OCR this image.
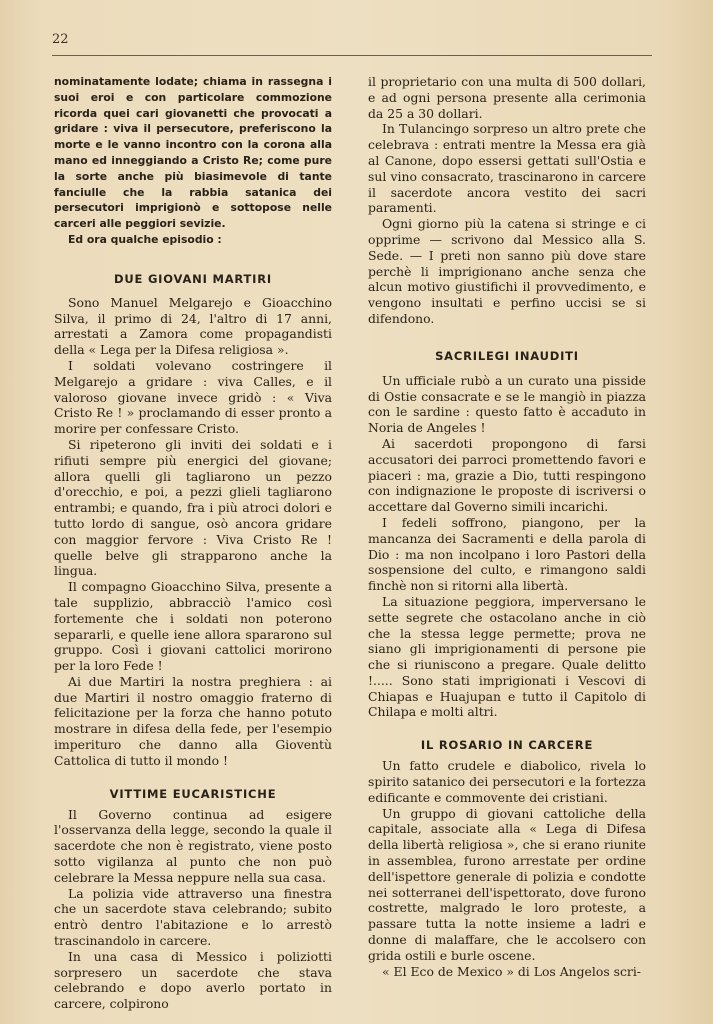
22

nominatamente lodate; chiama in rassegna i suoi eroi e con particolare commozione ricorda quei cari giovanetti che provocati a gridare : viva il persecutore, preferiscono la morte e le vanno incontro con la corona alla mano ed inneggiando a Cristo Re; come pure la sorte anche più biasimevole di tante fanciulle che la rabbia satanica dei persecutori imprigionò e sottopose nelle carceri alle peggiori sevizie.

Ed ora qualche episodio :

DUE GIOVANI MARTIRI

Sono Manuel Melgarejo e Gioacchino Silva, il primo di 24, l'altro di 17 anni, arrestati a Zamora come propagandisti della « Lega per la Difesa religiosa ».

I soldati volevano costringere il Melgarejo a gridare : viva Calles, e il valoroso giovane invece gridò : « Viva Cristo Re ! » proclamando di esser pronto a morire per confessare Cristo.

Si ripeterono gli inviti dei soldati e i rifiuti sempre più energici del giovane; allora quelli gli tagliarono un pezzo d'orecchio, e poi, a pezzi glieli tagliarono entrambi; e quando, fra i più atroci dolori e tutto lordo di sangue, osò ancora gridare con maggior fervore : Viva Cristo Re ! quelle belve gli strapparono anche la lingua.

Il compagno Gioacchino Silva, presente a tale supplizio, abbracciò l'amico così fortemente che i soldati non poterono separarli, e quelle iene allora spararono sul gruppo. Così i giovani cattolici morirono per la loro Fede !

Ai due Martiri la nostra preghiera : ai due Martiri il nostro omaggio fraterno di felicitazione per la forza che hanno potuto mostrare in difesa della fede, per l'esempio imperituro che danno alla Gioventù Cattolica di tutto il mondo !

VITTIME EUCARISTICHE

Il Governo continua ad esigere l'osservanza della legge, secondo la quale il sacerdote che non è registrato, viene posto sotto vigilanza al punto che non può celebrare la Messa neppure nella sua casa.

La polizia vide attraverso una finestra che un sacerdote stava celebrando; subito entrò dentro l'abitazione e lo arrestò trascinandolo in carcere.

In una casa di Messico i poliziotti sorpresero un sacerdote che stava celebrando e dopo averlo portato in carcere, colpirono

il proprietario con una multa di 500 dollari, e ad ogni persona presente alla cerimonia da 25 a 30 dollari.

In Tulancingo sorpreso un altro prete che celebrava : entrati mentre la Messa era già al Canone, dopo essersi gettati sull'Ostia e sul vino consacrato, trascinarono in carcere il sacerdote ancora vestito dei sacri paramenti.

Ogni giorno più la catena si stringe e ci opprime — scrivono dal Messico alla S. Sede. — I preti non sanno più dove stare perchè li imprigionano anche senza che alcun motivo giustifichi il provvedimento, e vengono insultati e perfino uccisi se si difendono.

SACRILEGI INAUDITI

Un ufficiale rubò a un curato una pisside di Ostie consacrate e se le mangiò in piazza con le sardine : questo fatto è accaduto in Noria de Angeles !

Ai sacerdoti propongono di farsi accusatori dei parroci promettendo favori e piaceri : ma, grazie a Dio, tutti respingono con indignazione le proposte di iscriversi o accettare dal Governo simili incarichi.

I fedeli soffrono, piangono, per la mancanza dei Sacramenti e della parola di Dio : ma non incolpano i loro Pastori della sospensione del culto, e rimangono saldi finchè non si ritorni alla libertà.

La situazione peggiora, imperversano le sette segrete che ostacolano anche in ciò che la stessa legge permette; prova ne siano gli imprigionamenti di persone pie che si riuniscono a pregare. Quale delitto !..... Sono stati imprigionati i Vescovi di Chiapas e Huajupan e tutto il Capitolo di Chilapa e molti altri.

IL ROSARIO IN CARCERE

Un fatto crudele e diabolico, rivela lo spirito satanico dei persecutori e la fortezza edificante e commovente dei cristiani.

Un gruppo di giovani cattoliche della capitale, associate alla « Lega di Difesa della libertà religiosa », che si erano riunite in assemblea, furono arrestate per ordine dell'ispettore generale di polizia e condotte nei sotterranei dell'ispettorato, dove furono costrette, malgrado le loro proteste, a passare tutta la notte insieme a ladri e donne di malaffare, che le accolsero con grida ostili e burle oscene.

« El Eco de Mexico » di Los Angelos scri-
